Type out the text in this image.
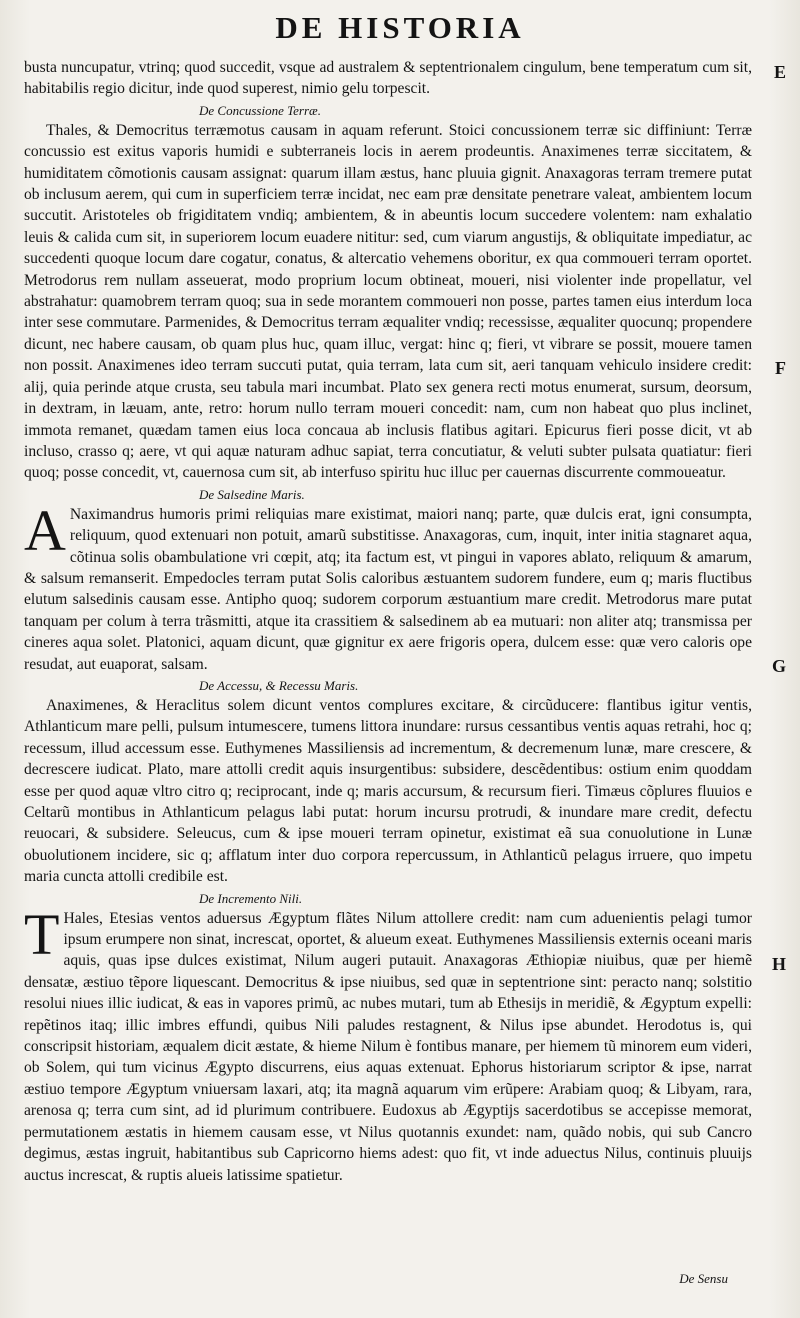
DE HISTORIA

busta nuncupatur, vtrinq; quod succedit, vsque ad australem & septentrionalem cingulum, bene temperatum cum sit, habitabilis regio dicitur, inde quod superest, nimio gelu torpescit.

De Concussione Terræ.

Thales, & Democritus terræmotus causam in aquam referunt. Stoici concussionem terræ sic diffiniunt: Terræ concussio est exitus vaporis humidi e subterraneis locis in aerem prodeuntis. Anaximenes terræ siccitatem, & humiditatem cõmotionis causam assignat: quarum illam æstus, hanc pluuia gignit. Anaxagoras terram tremere putat ob inclusum aerem, qui cum in superficiem terræ incidat, nec eam præ densitate penetrare valeat, ambientem locum succutit. Aristoteles ob frigiditatem vndiq; ambientem, & in abeuntis locum succedere volentem: nam exhalatio leuis & calida cum sit, in superiorem locum euadere nititur: sed, cum viarum angustijs, & obliquitate impediatur, ac succedenti quoque locum dare cogatur, conatus, & altercatio vehemens oboritur, ex qua commoueri terram oportet. Metrodorus rem nullam asseuerat, modo proprium locum obtineat, moueri, nisi violenter inde propellatur, vel abstrahatur: quamobrem terram quoq; sua in sede morantem commoueri non posse, partes tamen eius interdum loca inter sese commutare. Parmenides, & Democritus terram æqualiter vndiq; recessisse, æqualiter quocunq; propendere dicunt, nec habere causam, ob quam plus huc, quam illuc, vergat: hinc q; fieri, vt vibrare se possit, mouere tamen non possit. Anaximenes ideo terram succuti putat, quia terram, lata cum sit, aeri tanquam vehiculo insidere credit: alij, quia perinde atque crusta, seu tabula mari incumbat. Plato sex genera recti motus enumerat, sursum, deorsum, in dextram, in læuam, ante, retro: horum nullo terram moueri concedit: nam, cum non habeat quo plus inclinet, immota remanet, quædam tamen eius loca concaua ab inclusis flatibus agitari. Epicurus fieri posse dicit, vt ab incluso, crasso q; aere, vt qui aquæ naturam adhuc sapiat, terra concutiatur, & veluti subter pulsata quatiatur: fieri quoq; posse concedit, vt, cauernosa cum sit, ab interfuso spiritu huc illuc per cauernas discurrente commoueatur.

De Salsedine Maris.

A Naximandrus humoris primi reliquias mare existimat, maiori nanq; parte, quæ dulcis erat, igni consumpta, reliquum, quod extenuari non potuit, amarũ substitisse. Anaxagoras, cum, inquit, inter initia stagnaret aqua, cõtinua solis obambulatione vri cœpit, atq; ita factum est, vt pingui in vapores ablato, reliquum & amarum, & salsum remanserit. Empedocles terram putat Solis caloribus æstuantem sudorem fundere, eum q; maris fluctibus elutum salsedinis causam esse. Antipho quoq; sudorem corporum æstuantium mare credit. Metrodorus mare putat tanquam per colum à terra trãsmitti, atque ita crassitiem & salsedinem ab ea mutuari: non aliter atq; transmissa per cineres aqua solet. Platonici, aquam dicunt, quæ gignitur ex aere frigoris opera, dulcem esse: quæ vero caloris ope resudat, aut euaporat, salsam.

De Accessu, & Recessu Maris.

Anaximenes, & Heraclitus solem dicunt ventos complures excitare, & circũducere: flantibus igitur ventis, Athlanticum mare pelli, pulsum intumescere, tumens littora inundare: rursus cessantibus ventis aquas retrahi, hoc q; recessum, illud accessum esse. Euthymenes Massiliensis ad incrementum, & decremenum lunæ, mare crescere, & decrescere iudicat. Plato, mare attolli credit aquis insurgentibus: subsidere, descẽdentibus: ostium enim quoddam esse per quod aquæ vltro citro q; reciprocant, inde q; maris accursum, & recursum fieri. Timæus cõplures fluuios e Celtarũ montibus in Athlanticum pelagus labi putat: horum incursu protrudi, & inundare mare credit, defectu reuocari, & subsidere. Seleucus, cum & ipse moueri terram opinetur, existimat eã sua conuolutione in Lunæ obuolutionem incidere, sic q; afflatum inter duo corpora repercussum, in Athlanticũ pelagus irruere, quo impetu maria cuncta attolli credibile est.

De Incremento Nili.

T Hales, Etesias ventos aduersus Ægyptum flãtes Nilum attollere credit: nam cum aduenientis pelagi tumor ipsum erumpere non sinat, increscat, oportet, & alueum exeat. Euthymenes Massiliensis externis oceani maris aquis, quas ipse dulces existimat, Nilum augeri putauit. Anaxagoras Æthiopiæ niuibus, quæ per hiemẽ densatæ, æstiuo tẽpore liquescant. Democritus & ipse niuibus, sed quæ in septentrione sint: peracto nanq; solstitio resolui niues illic iudicat, & eas in vapores primũ, ac nubes mutari, tum ab Ethesijs in meridiẽ, & Ægyptum expelli: repẽtinos itaq; illic imbres effundi, quibus Nili paludes restagnent, & Nilus ipse abundet. Herodotus is, qui conscripsit historiam, æqualem dicit æstate, & hieme Nilum è fontibus manare, per hiemem tũ minorem eum videri, ob Solem, qui tum vicinus Ægypto discurrens, eius aquas extenuat. Ephorus historiarum scriptor & ipse, narrat æstiuo tempore Ægyptum vniuersam laxari, atq; ita magnã aquarum vim erũpere: Arabiam quoq; & Libyam, rara, arenosa q; terra cum sint, ad id plurimum contribuere. Eudoxus ab Ægyptijs sacerdotibus se accepisse memorat, permutationem æstatis in hiemem causam esse, vt Nilus quotannis exundet: nam, quãdo nobis, qui sub Cancro degimus, æstas ingruit, habitantibus sub Capricorno hiems adest: quo fit, vt inde aduectus Nilus, continuis pluuijs auctus increscat, & ruptis alueis latissime spatietur.

E
F
G
H
De Sensu
